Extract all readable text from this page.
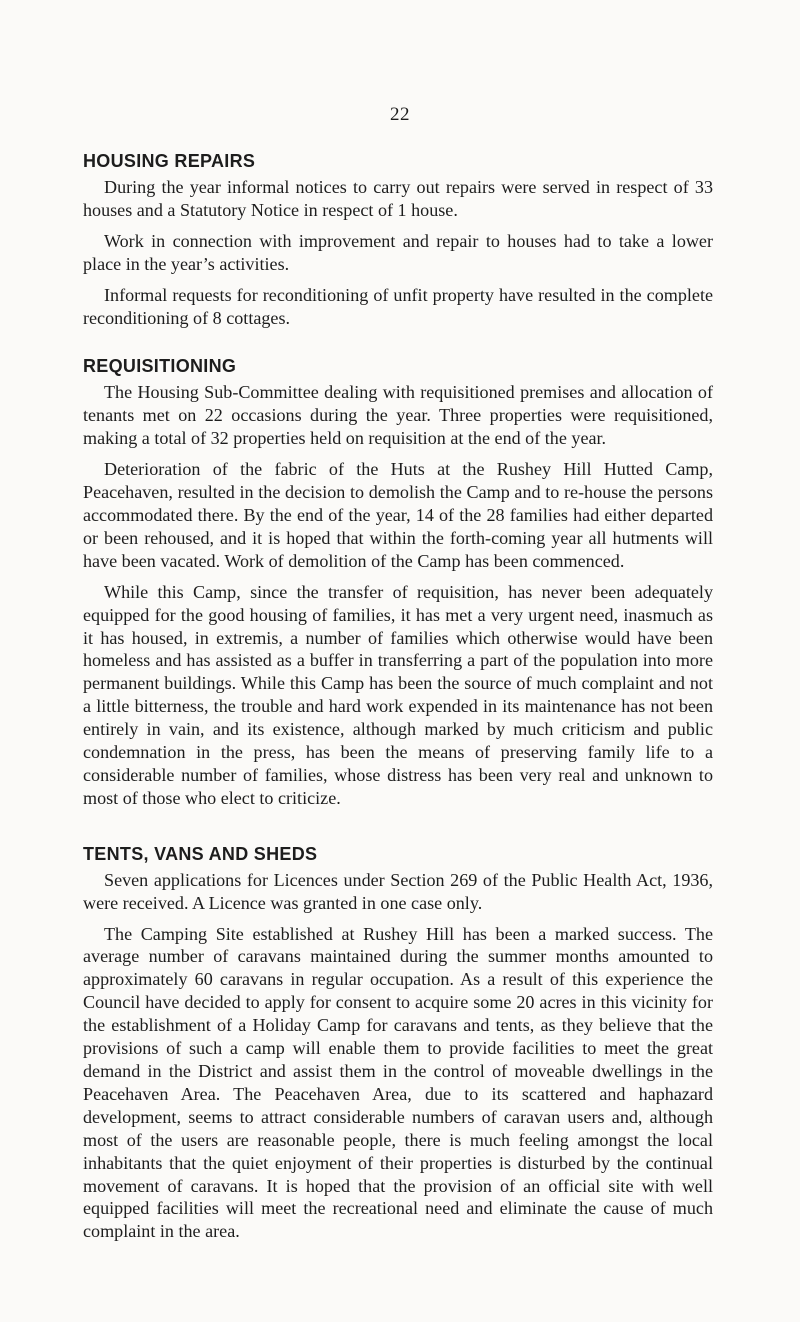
22
HOUSING REPAIRS

During the year informal notices to carry out repairs were served in respect of 33 houses and a Statutory Notice in respect of 1 house.

Work in connection with improvement and repair to houses had to take a lower place in the year’s activities.

Informal requests for reconditioning of unfit property have resulted in the complete reconditioning of 8 cottages.

REQUISITIONING

The Housing Sub-Committee dealing with requisitioned premises and allocation of tenants met on 22 occasions during the year. Three properties were requisitioned, making a total of 32 properties held on requisition at the end of the year.

Deterioration of the fabric of the Huts at the Rushey Hill Hutted Camp, Peacehaven, resulted in the decision to demolish the Camp and to re-house the persons accommodated there. By the end of the year, 14 of the 28 families had either departed or been rehoused, and it is hoped that within the forth-coming year all hutments will have been vacated. Work of demolition of the Camp has been commenced.

While this Camp, since the transfer of requisition, has never been adequately equipped for the good housing of families, it has met a very urgent need, inasmuch as it has housed, in extremis, a number of families which otherwise would have been homeless and has assisted as a buffer in transferring a part of the population into more permanent buildings. While this Camp has been the source of much complaint and not a little bitterness, the trouble and hard work expended in its maintenance has not been entirely in vain, and its existence, although marked by much criticism and public condemnation in the press, has been the means of preserving family life to a considerable number of families, whose distress has been very real and unknown to most of those who elect to criticize.

TENTS, VANS AND SHEDS

Seven applications for Licences under Section 269 of the Public Health Act, 1936, were received. A Licence was granted in one case only.

The Camping Site established at Rushey Hill has been a marked success. The average number of caravans maintained during the summer months amounted to approximately 60 caravans in regular occupation. As a result of this experience the Council have decided to apply for consent to acquire some 20 acres in this vicinity for the establishment of a Holiday Camp for caravans and tents, as they believe that the provisions of such a camp will enable them to provide facilities to meet the great demand in the District and assist them in the control of moveable dwellings in the Peacehaven Area. The Peacehaven Area, due to its scattered and haphazard development, seems to attract considerable numbers of caravan users and, although most of the users are reasonable people, there is much feeling amongst the local inhabitants that the quiet enjoyment of their properties is disturbed by the continual movement of caravans. It is hoped that the provision of an official site with well equipped facilities will meet the recreational need and eliminate the cause of much complaint in the area.
